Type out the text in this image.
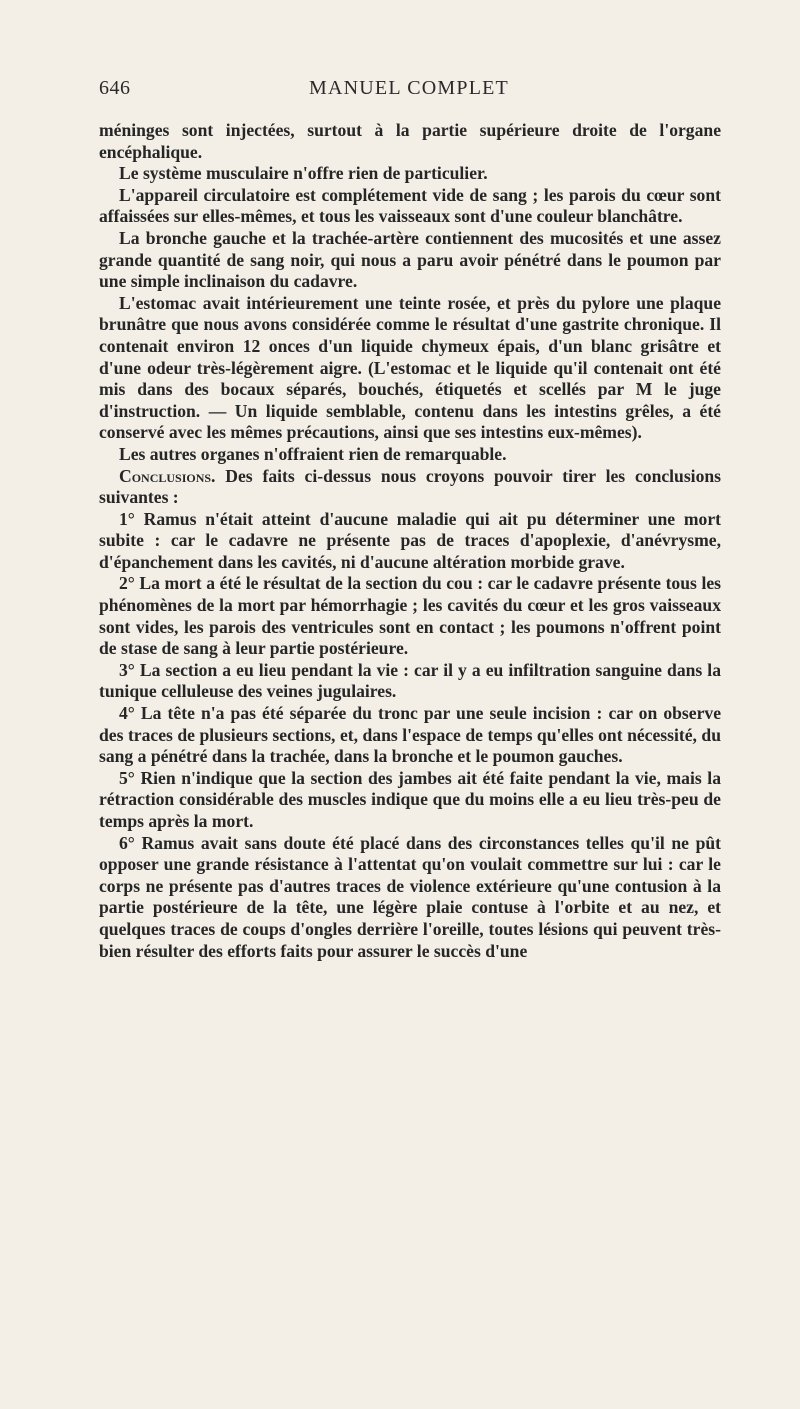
646	MANUEL COMPLET

méninges sont injectées, surtout à la partie supérieure droite de l'organe encéphalique.

Le système musculaire n'offre rien de particulier.

L'appareil circulatoire est complétement vide de sang ; les parois du cœur sont affaissées sur elles-mêmes, et tous les vaisseaux sont d'une couleur blanchâtre.

La bronche gauche et la trachée-artère contiennent des mucosités et une assez grande quantité de sang noir, qui nous a paru avoir pénétré dans le poumon par une simple inclinaison du cadavre.

L'estomac avait intérieurement une teinte rosée, et près du pylore une plaque brunâtre que nous avons considérée comme le résultat d'une gastrite chronique. Il contenait environ 12 onces d'un liquide chymeux épais, d'un blanc grisâtre et d'une odeur très-légèrement aigre. (L'estomac et le liquide qu'il contenait ont été mis dans des bocaux séparés, bouchés, étiquetés et scellés par M le juge d'instruction. — Un liquide semblable, contenu dans les intestins grêles, a été conservé avec les mêmes précautions, ainsi que ses intestins eux-mêmes).

Les autres organes n'offraient rien de remarquable.

Conclusions. Des faits ci-dessus nous croyons pouvoir tirer les conclusions suivantes :

1° Ramus n'était atteint d'aucune maladie qui ait pu déterminer une mort subite : car le cadavre ne présente pas de traces d'apoplexie, d'anévrysme, d'épanchement dans les cavités, ni d'aucune altération morbide grave.

2° La mort a été le résultat de la section du cou : car le cadavre présente tous les phénomènes de la mort par hémorrhagie ; les cavités du cœur et les gros vaisseaux sont vides, les parois des ventricules sont en contact ; les poumons n'offrent point de stase de sang à leur partie postérieure.

3° La section a eu lieu pendant la vie : car il y a eu infiltration sanguine dans la tunique celluleuse des veines jugulaires.

4° La tête n'a pas été séparée du tronc par une seule incision : car on observe des traces de plusieurs sections, et, dans l'espace de temps qu'elles ont nécessité, du sang a pénétré dans la trachée, dans la bronche et le poumon gauches.

5° Rien n'indique que la section des jambes ait été faite pendant la vie, mais la rétraction considérable des muscles indique que du moins elle a eu lieu très-peu de temps après la mort.

6° Ramus avait sans doute été placé dans des circonstances telles qu'il ne pût opposer une grande résistance à l'attentat qu'on voulait commettre sur lui : car le corps ne présente pas d'autres traces de violence extérieure qu'une contusion à la partie postérieure de la tête, une légère plaie contuse à l'orbite et au nez, et quelques traces de coups d'ongles derrière l'oreille, toutes lésions qui peuvent très-bien résulter des efforts faits pour assurer le succès d'une
